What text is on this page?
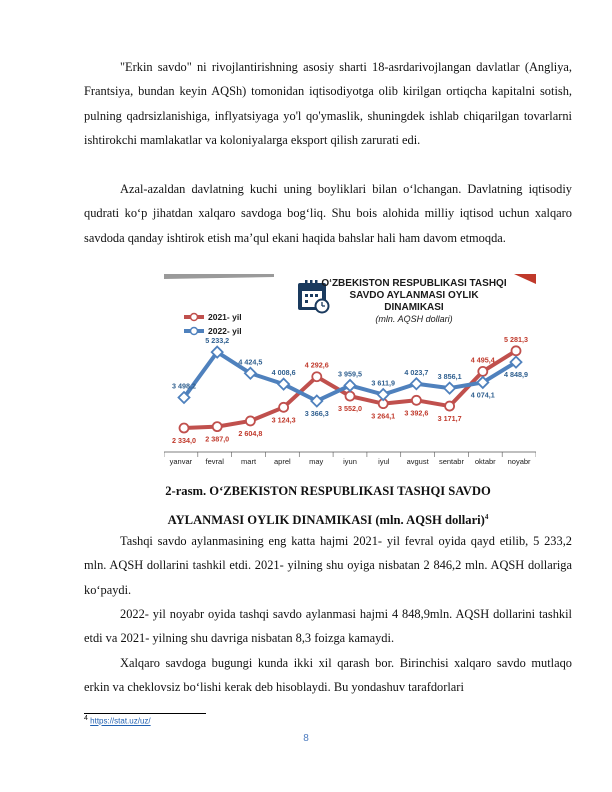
"Erkin savdo" ni rivojlantirishning asosiy sharti 18-asrdarivojlangan davlatlar (Angliya, Frantsiya, bundan keyin AQSh) tomonidan iqtisodiyotga olib kirilgan ortiqcha kapitalni sotish, pulning qadrsizlanishiga, inflyatsiyaga yo'l qo'ymaslik, shuningdek ishlab chiqarilgan tovarlarni ishtirokchi mamlakatlar va koloniyalarga eksport qilish zarurati edi.

Azal-azaldan davlatning kuchi uning boyliklari bilan o‘lchangan. Davlatning iqtisodiy qudrati ko‘p jihatdan xalqaro savdoga bog‘liq. Shu bois alohida milliy iqtisod uchun xalqaro savdoda qanday ishtirok etish ma’qul ekani haqida bahslar hali ham davom etmoqda.

O‘ZBEKISTON RESPUBLIKASI TASHQI
SAVDO AYLANMASI OYLIK
DINAMIKASI
(mln. AQSH dollari)
2021- yil
2022- yil
2 334,0 2 387,0
2 604,8
3 124,3
4 292,6
3 552,0
3 264,1 3 392,6
3 171,7
4 495,4
5 281,3
3 498,2
5 233,2
4 424,5
4 008,6
3 366,3
3 959,5
3 611,9
4 023,7 3 856,1
4 074,1
4 848,9
yanvar fevral mart aprel may	iyun	iyul avgust sentabr oktabr noyabr

2-rasm. O‘ZBEKISTON RESPUBLIKASI TASHQI SAVDO

AYLANMASI OYLIK DINAMIKASI (mln. AQSH dollari)$^4$

Tashqi savdo aylanmasining eng katta hajmi 2021- yil fevral oyida qayd etilib, 5 233,2 mln. AQSH dollarini tashkil etdi. 2021- yilning shu oyiga nisbatan 2 846,2 mln. AQSH dollariga ko‘paydi.

2022- yil noyabr oyida tashqi savdo aylanmasi hajmi 4 848,9mln. AQSH dollarini tashkil etdi va 2021- yilning shu davriga nisbatan 8,3 foizga kamaydi.

Xalqaro savdoga bugungi kunda ikki xil qarash bor. Birinchisi xalqaro savdo mutlaqo erkin va cheklovsiz bo‘lishi kerak deb hisoblaydi. Bu yondashuv tarafdorlari

$^4$ https://stat.uz/uz/
8
